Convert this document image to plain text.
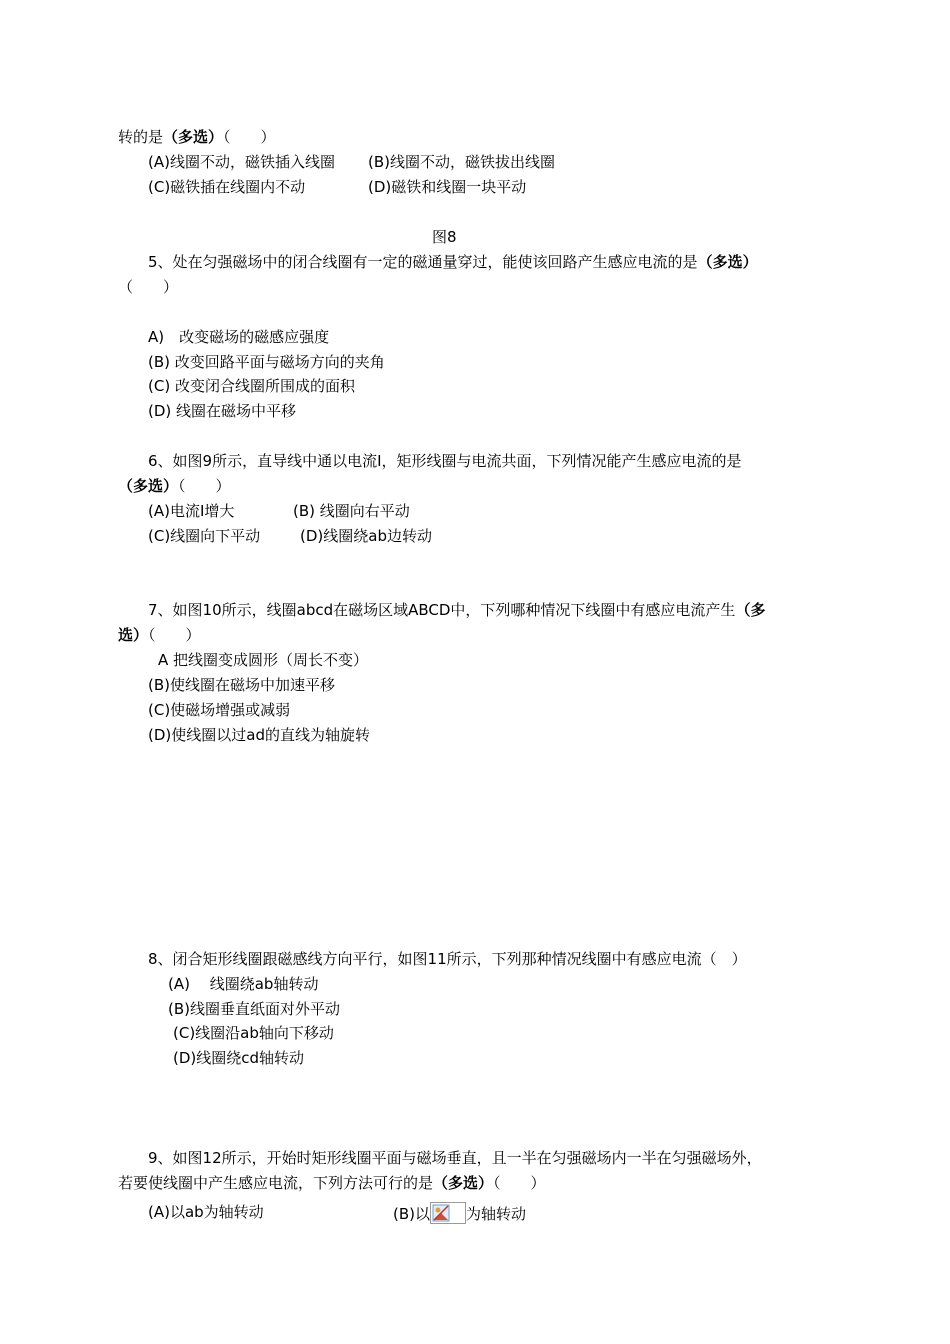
转的是（多选）（　　）
(A)线圈不动，磁铁插入线圈 (B)线圈不动，磁铁拔出线圈
(C)磁铁插在线圈内不动	(D)磁铁和线圈一块平动
图8
5、处在匀强磁场中的闭合线圈有一定的磁通量穿过，能使该回路产生感应电流的是（多选）
（　　）
A)　改变磁场的磁感应强度
(B) 改变回路平面与磁场方向的夹角
(C) 改变闭合线圈所围成的面积
(D) 线圈在磁场中平移
6、如图9所示，直导线中通以电流I，矩形线圈与电流共面，下列情况能产生感应电流的是
（多选）（　　）
(A)电流I增大	(B) 线圈向右平动
(C)线圈向下平动	(D)线圈绕ab边转动
7、如图10所示，线圈abcd在磁场区域ABCD中，下列哪种情况下线圈中有感应电流产生（多
选）（　　）
A 把线圈变成圆形（周长不变）
(B)使线圈在磁场中加速平移
(C)使磁场增强或减弱
(D)使线圈以过ad的直线为轴旋转
8、闭合矩形线圈跟磁感线方向平行，如图11所示，下列那种情况线圈中有感应电流（　）
(A)　 线圈绕ab轴转动
(B)线圈垂直纸面对外平动
(C)线圈沿ab轴向下移动
(D)线圈绕cd轴转动
9、如图12所示，开始时矩形线圈平面与磁场垂直，且一半在匀强磁场内一半在匀强磁场外，
若要使线圈中产生感应电流，下列方法可行的是（多选）（　　）
(A)以ab为轴转动	(B)以 为轴转动
